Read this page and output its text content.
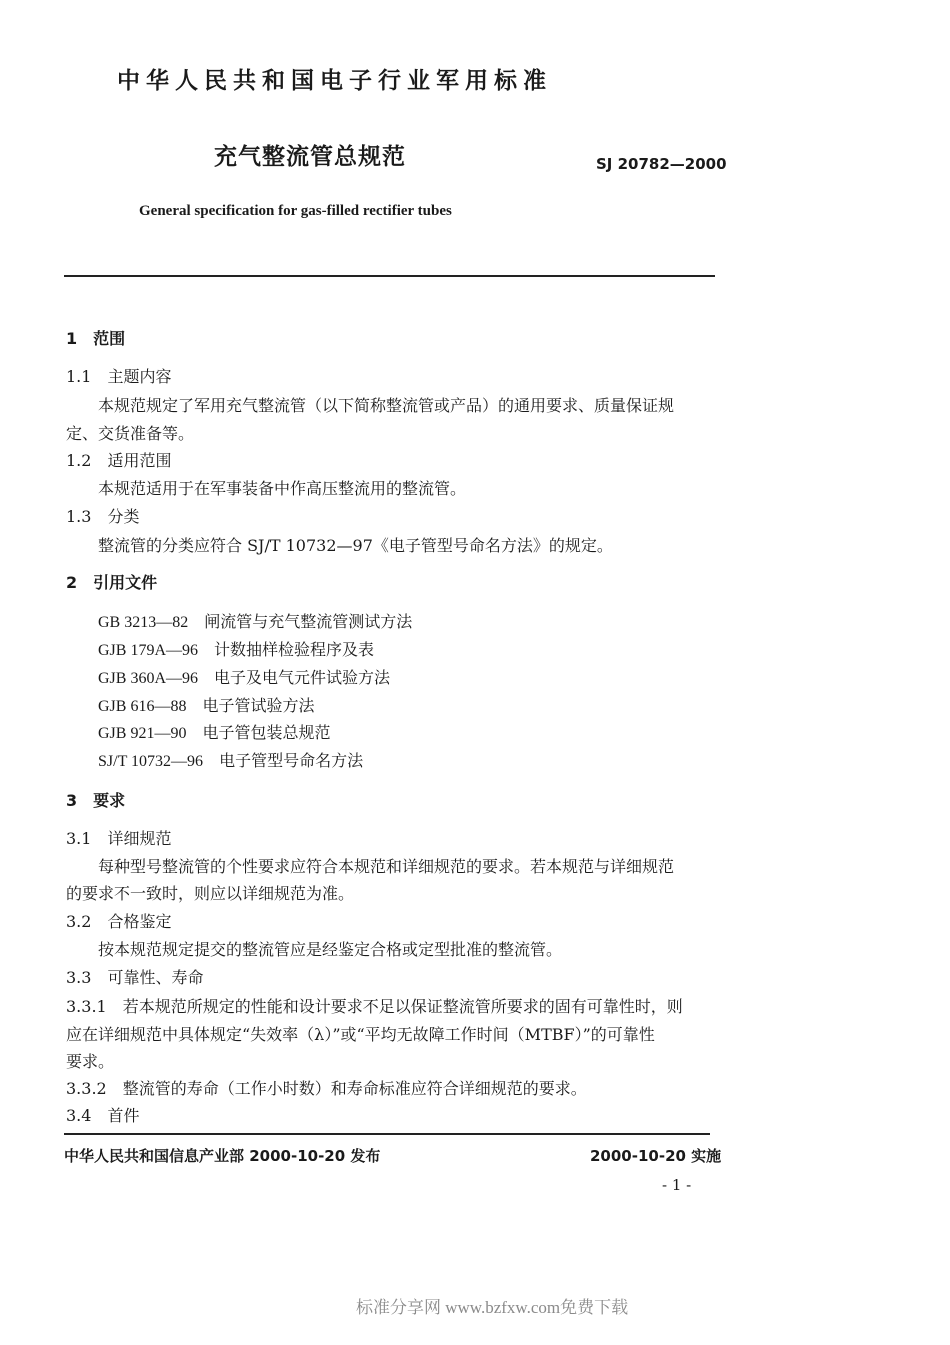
中华人民共和国电子行业军用标准
充气整流管总规范	SJ 20782—2000
General specification for gas-filled rectifier tubes
1　范围
1.1　主题内容
本规范规定了军用充气整流管（以下简称整流管或产品）的通用要求、质量保证规
定、交货准备等。
1.2　适用范围
本规范适用于在军事装备中作高压整流用的整流管。
1.3　分类
整流管的分类应符合 SJ/T 10732—97《电子管型号命名方法》的规定。
2　引用文件
GB 3213—82　 闸流管与充气整流管测试方法
GJB 179A—96　 计数抽样检验程序及表
GJB 360A—96　 电子及电气元件试验方法
GJB 616—88　 电子管试验方法
GJB 921—90　 电子管包装总规范
SJ/T 10732—96　 电子管型号命名方法
3　要求
3.1　详细规范
每种型号整流管的个性要求应符合本规范和详细规范的要求。若本规范与详细规范
的要求不一致时，则应以详细规范为准。
3.2　合格鉴定
按本规范规定提交的整流管应是经鉴定合格或定型批准的整流管。
3.3　可靠性、寿命
3.3.1　若本规范所规定的性能和设计要求不足以保证整流管所要求的固有可靠性时，则
应在详细规范中具体规定“失效率（λ）”或“平均无故障工作时间（MTBF）”的可靠性
要求。
3.3.2　整流管的寿命（工作小时数）和寿命标准应符合详细规范的要求。
3.4　首件
中华人民共和国信息产业部 2000-10-20 发布	2000-10-20 实施
- 1 -
标准分享网 www.bzfxw.com免费下载
